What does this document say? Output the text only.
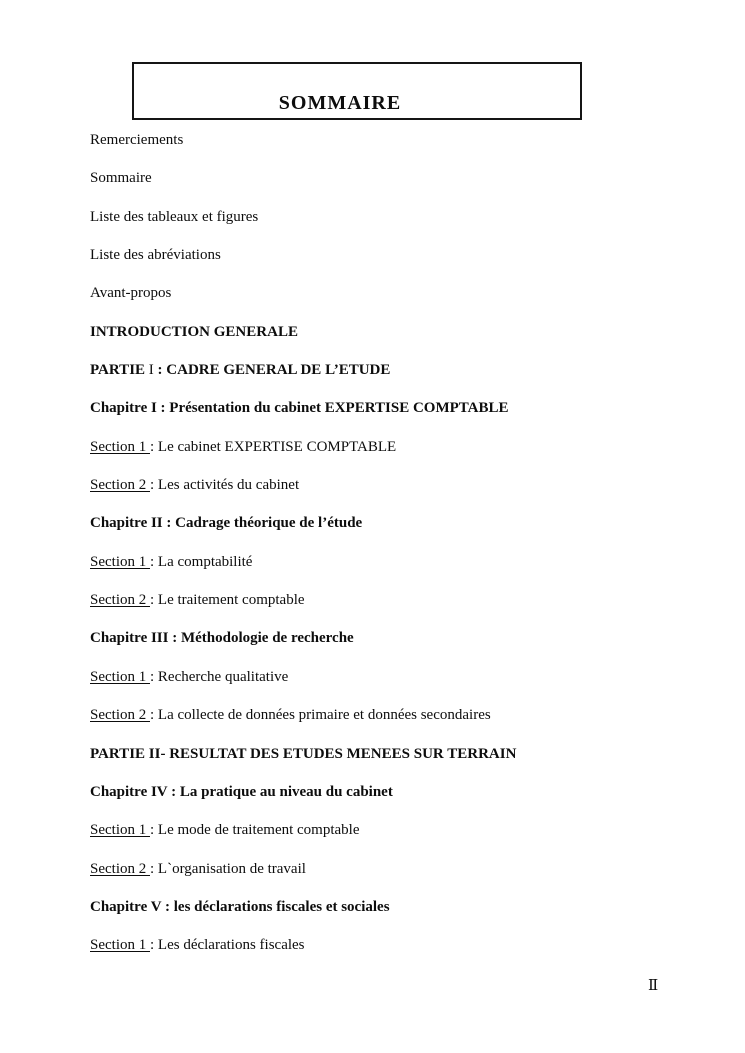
SOMMAIRE

Remerciements

Sommaire

Liste des tableaux et figures

Liste des abréviations

Avant-propos

INTRODUCTION GENERALE

PARTIE I : CADRE GENERAL DE L’ETUDE

Chapitre I : Présentation du cabinet EXPERTISE COMPTABLE

Section 1 : Le cabinet EXPERTISE COMPTABLE

Section 2 : Les activités du cabinet

Chapitre II : Cadrage théorique de l’étude

Section 1 : La comptabilité

Section 2 : Le traitement comptable

Chapitre III : Méthodologie de recherche

Section 1 : Recherche qualitative

Section 2 : La collecte de données primaire et données secondaires

PARTIE II- RESULTAT DES ETUDES MENEES SUR TERRAIN

Chapitre IV : La pratique au niveau du cabinet

Section 1 : Le mode de traitement comptable

Section 2 : L`organisation de travail

Chapitre V : les déclarations fiscales et sociales

Section 1 : Les déclarations fiscales

Ⅱ
